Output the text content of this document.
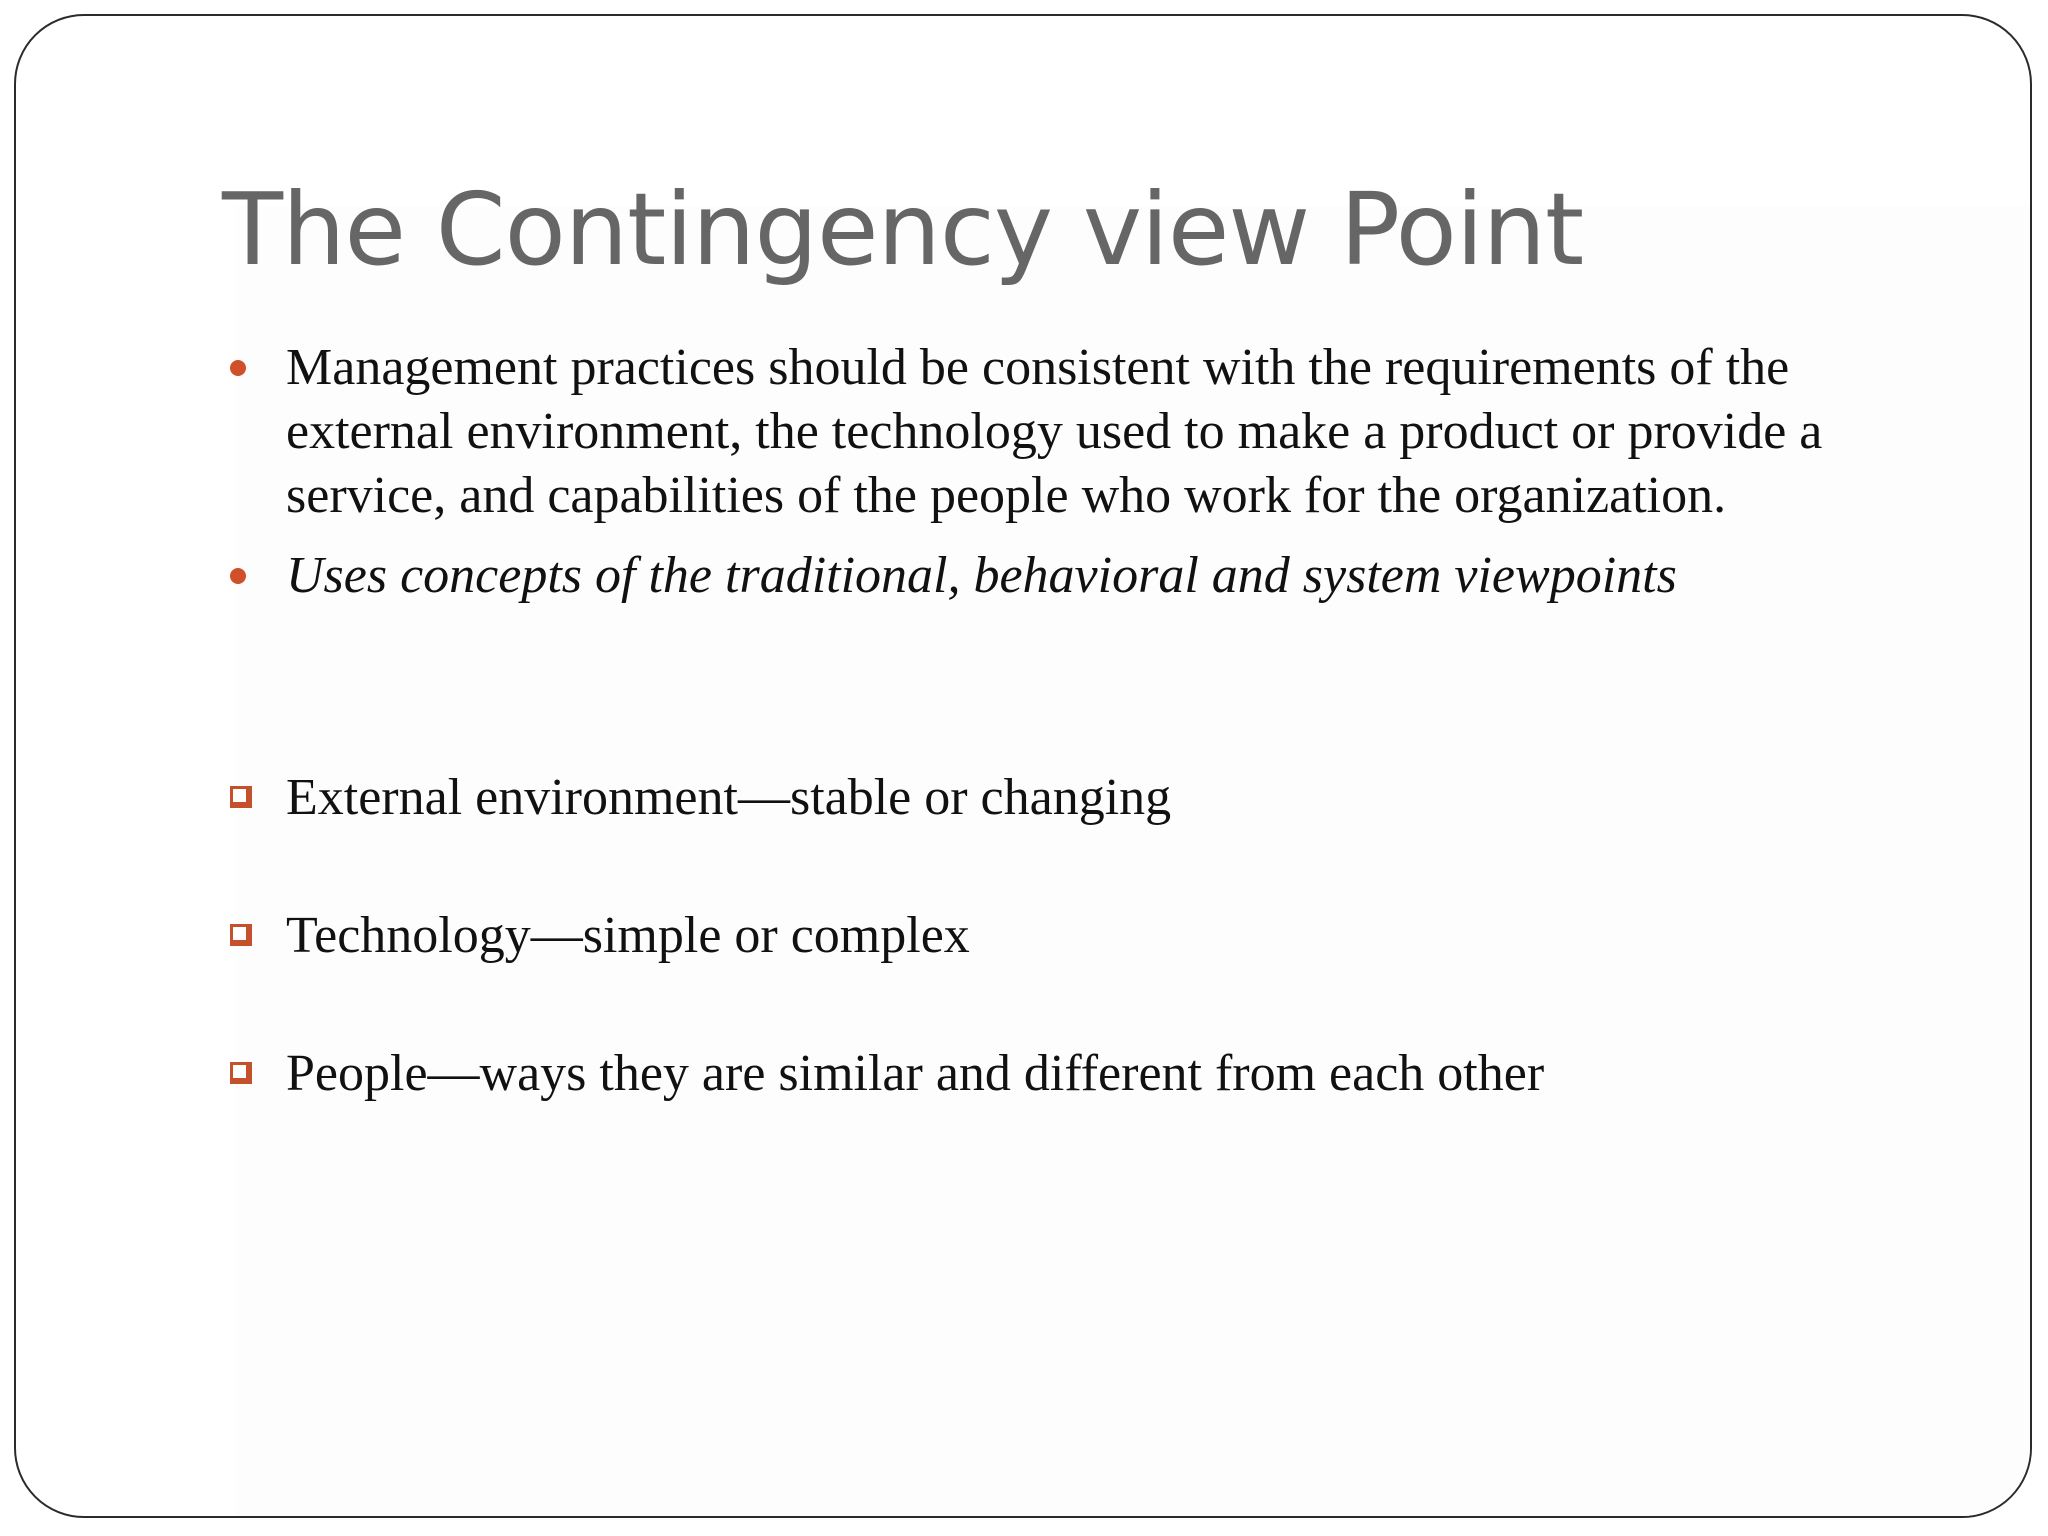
The Contingency view Point
Management practices should be consistent with the requirements of the external environment, the technology used to make a product or provide a service, and capabilities of the people who work for the organization.
Uses concepts of the traditional, behavioral and system viewpoints
External environment—stable or changing
Technology—simple or complex
People—ways they are similar and different from each other
